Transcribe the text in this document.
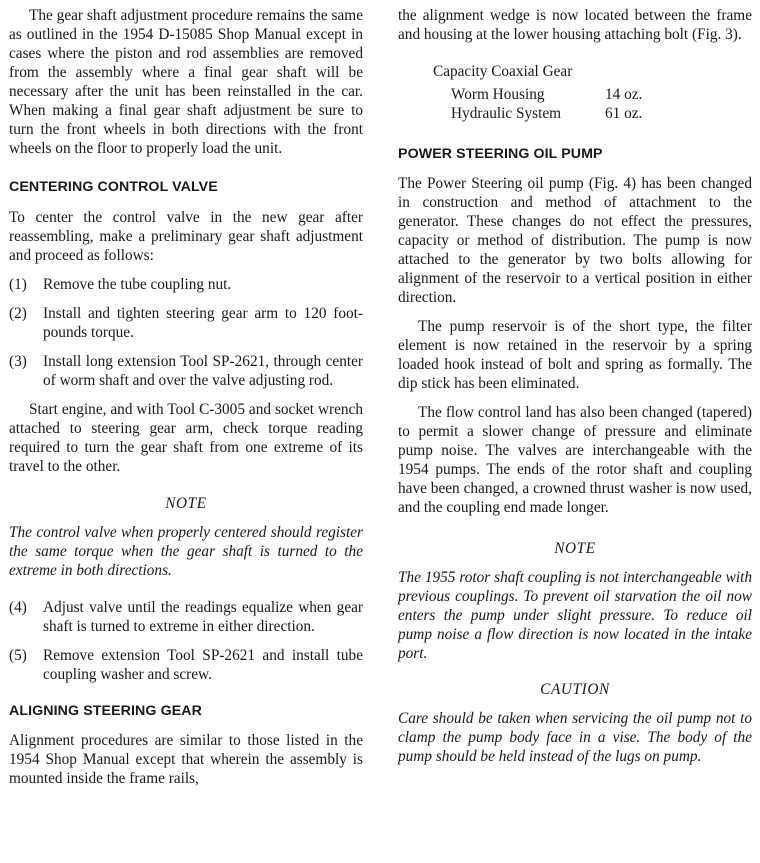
The gear shaft adjustment procedure remains the same as outlined in the 1954 D-15085 Shop Manual except in cases where the piston and rod assemblies are removed from the assembly where a final gear shaft will be necessary after the unit has been reinstalled in the car. When making a final gear shaft adjustment be sure to turn the front wheels in both directions with the front wheels on the floor to properly load the unit.

CENTERING CONTROL VALVE

To center the control valve in the new gear after reassembling, make a preliminary gear shaft adjustment and proceed as follows:

(1)	Remove the tube coupling nut.
(2)	Install and tighten steering gear arm to 120 foot-pounds torque.
(3)	Install long extension Tool SP-2621, through center of worm shaft and over the valve adjusting rod.

Start engine, and with Tool C-3005 and socket wrench attached to steering gear arm, check torque reading required to turn the gear shaft from one extreme of its travel to the other.

NOTE

The control valve when properly centered should register the same torque when the gear shaft is turned to the extreme in both directions.

(4)	Adjust valve until the readings equalize when gear shaft is turned to extreme in either direction.
(5)	Remove extension Tool SP-2621 and install tube coupling washer and screw.
ALIGNING STEERING GEAR

Alignment procedures are similar to those listed in the 1954 Shop Manual except that wherein the assembly is mounted inside the frame rails,

the alignment wedge is now located between the frame and housing at the lower housing attaching bolt (Fig. 3).

Capacity Coaxial Gear
Worm Housing	14 oz.
Hydraulic System	61 oz.
POWER STEERING OIL PUMP

The Power Steering oil pump (Fig. 4) has been changed in construction and method of attachment to the generator. These changes do not effect the pressures, capacity or method of distribution. The pump is now attached to the generator by two bolts allowing for alignment of the reservoir to a vertical position in either direction.

The pump reservoir is of the short type, the filter element is now retained in the reservoir by a spring loaded hook instead of bolt and spring as formally. The dip stick has been eliminated.

The flow control land has also been changed (tapered) to permit a slower change of pressure and eliminate pump noise. The valves are interchangeable with the 1954 pumps. The ends of the rotor shaft and coupling have been changed, a crowned thrust washer is now used, and the coupling end made longer.

NOTE

The 1955 rotor shaft coupling is not interchangeable with previous couplings. To prevent oil starvation the oil now enters the pump under slight pressure. To reduce oil pump noise a flow direction is now located in the intake port.

CAUTION

Care should be taken when servicing the oil pump not to clamp the pump body face in a vise. The body of the pump should be held instead of the lugs on pump.
